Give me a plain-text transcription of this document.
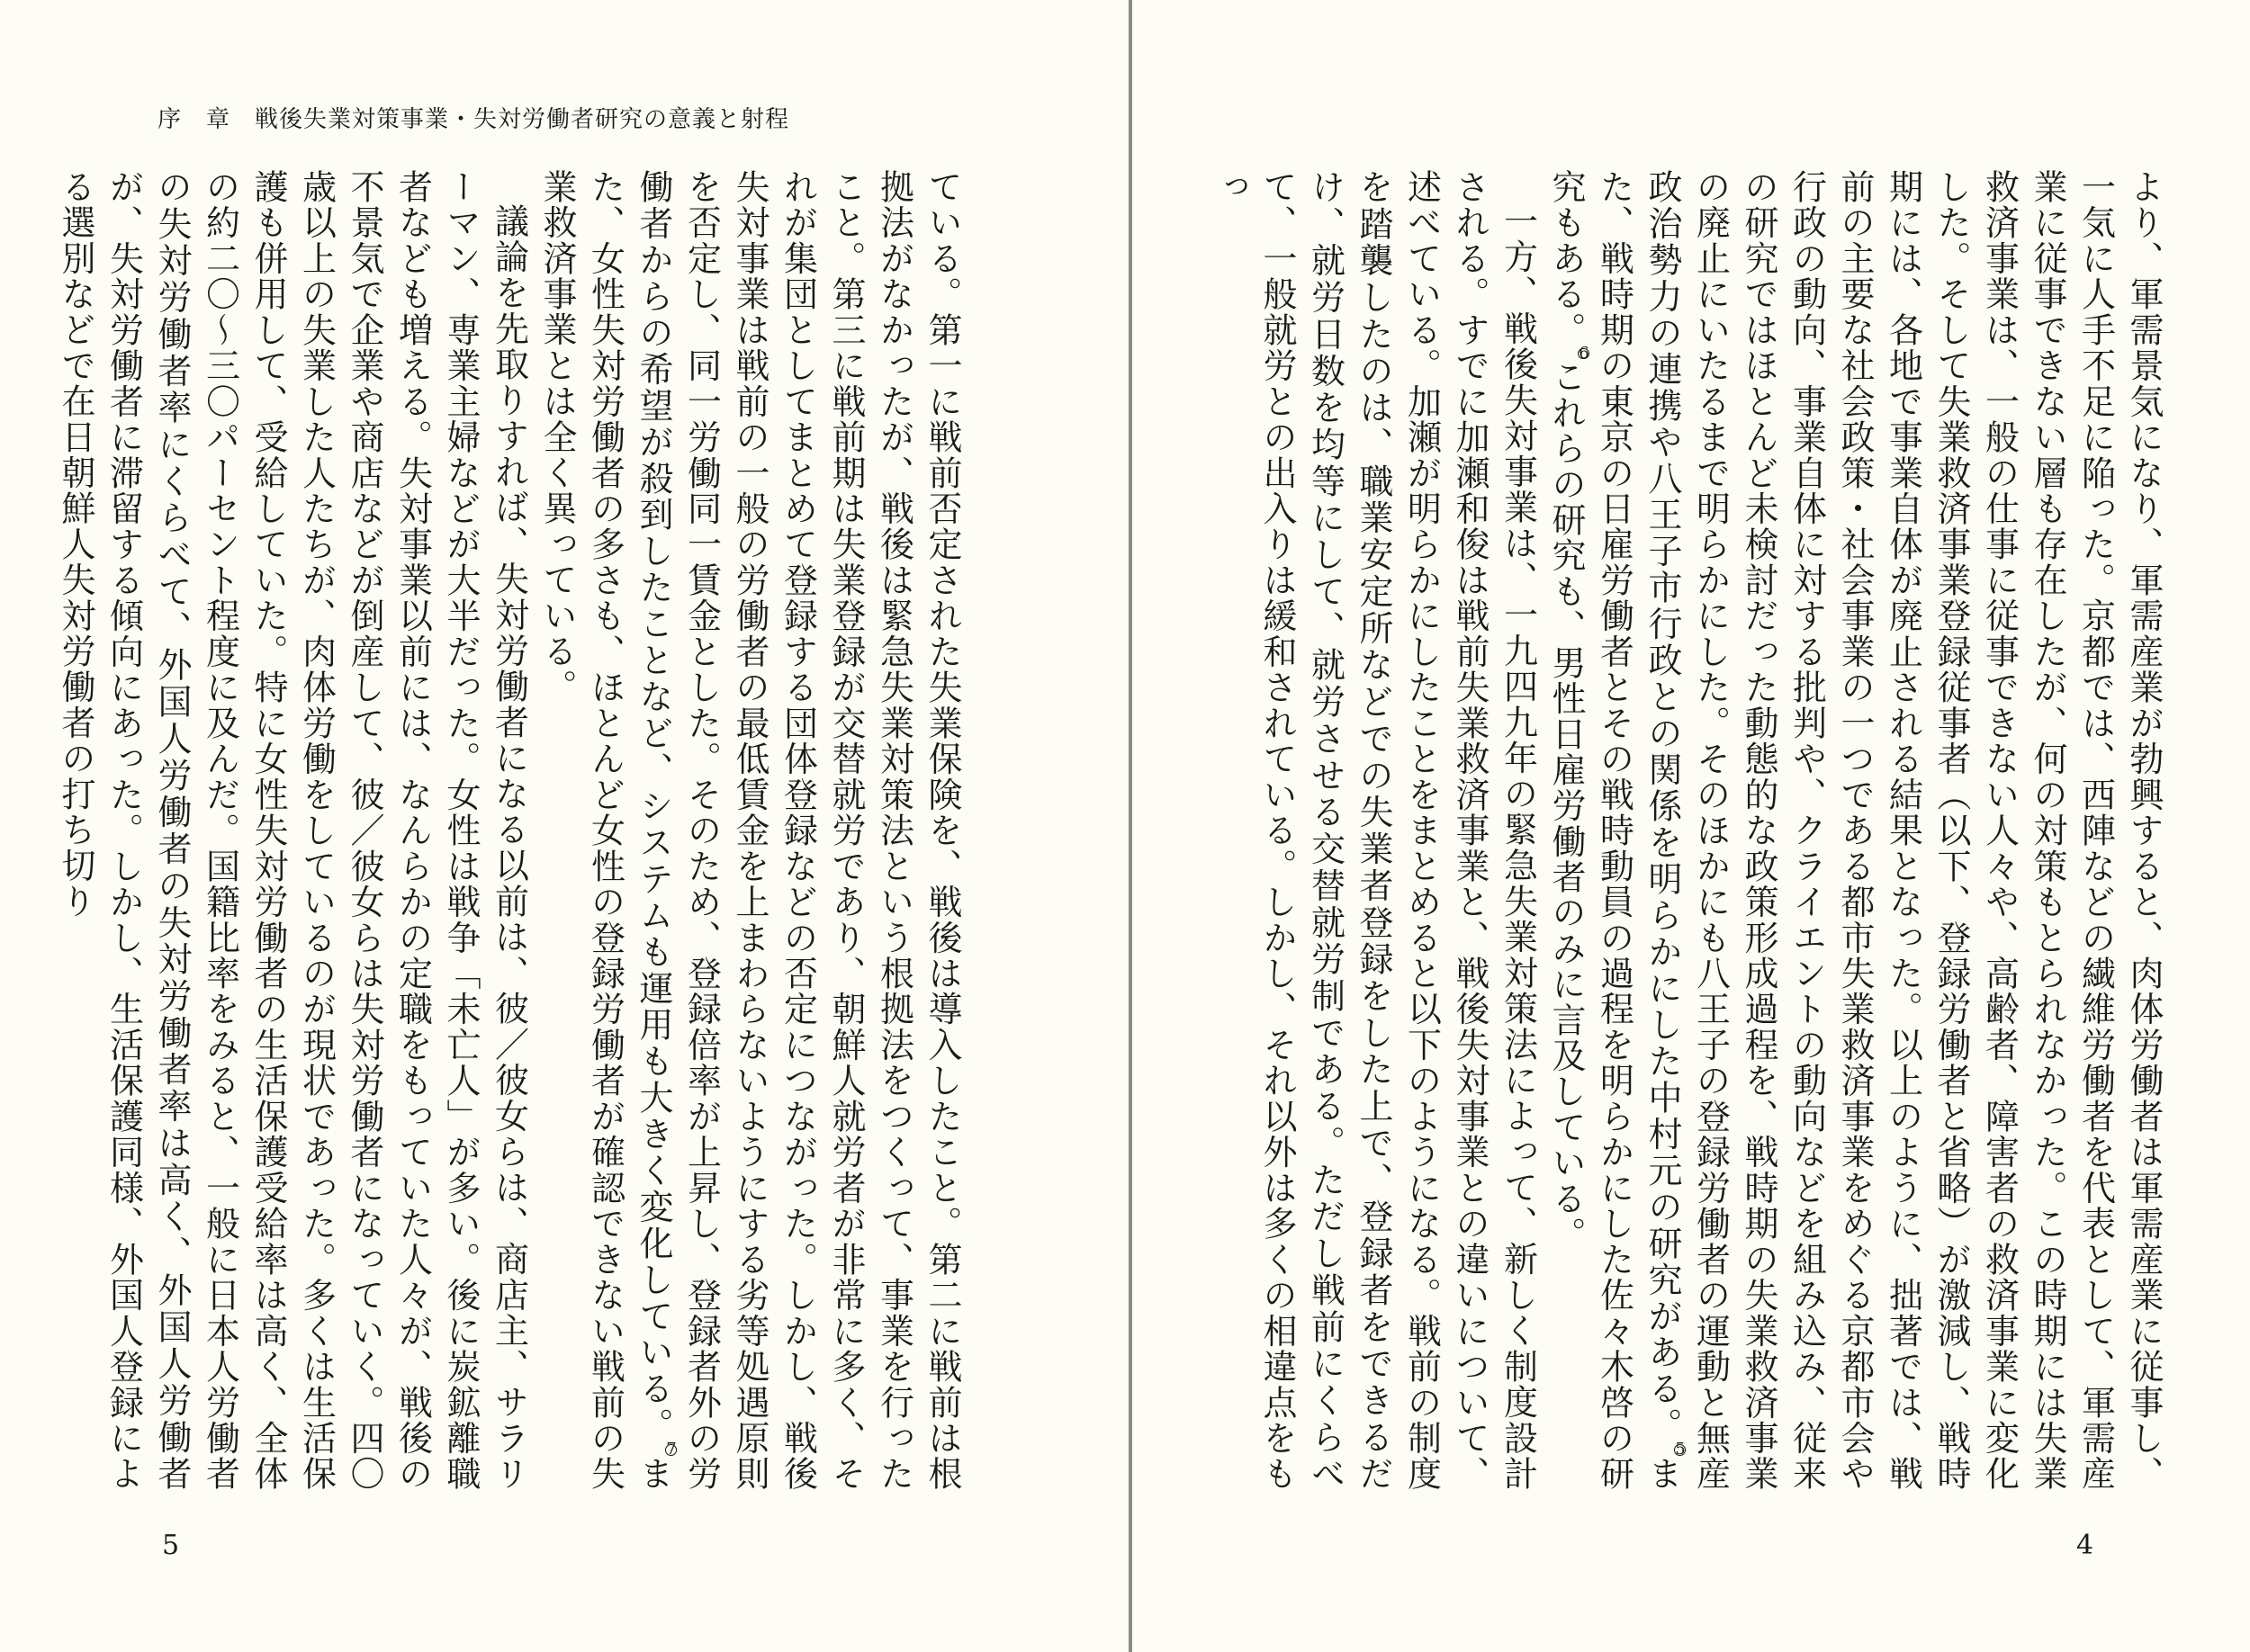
序　章　戦後失業対策事業・失対労働者研究の意義と射程

ている。第一に戦前否定された失業保険を、戦後は導入したこと。第二に戦前は根拠法がなかったが、戦後は緊急失業対策法という根拠法をつくって、事業を行ったこと。第三に戦前期は失業登録が交替就労であり、朝鮮人就労者が非常に多く、それが集団としてまとめて登録する団体登録などの否定につながった。しかし、戦後失対事業は戦前の一般の労働者の最低賃金を上まわらないようにする劣等処遇原則を否定し、同一労働同一賃金とした。そのため、登録倍率が上昇し、登録者外の労働者からの希望が殺到したことなど、システムも運用も大きく変化している。7また、女性失対労働者の多さも、ほとんど女性の登録労働者が確認できない戦前の失業救済事業とは全く異っている。

議論を先取りすれば、失対労働者になる以前は、彼／彼女らは、商店主、サラリーマン、専業主婦などが大半だった。女性は戦争「未亡人」が多い。後に炭鉱離職者なども増える。失対事業以前には、なんらかの定職をもっていた人々が、戦後の不景気で企業や商店などが倒産して、彼／彼女らは失対労働者になっていく。四〇歳以上の失業した人たちが、肉体労働をしているのが現状であった。多くは生活保護も併用して、受給していた。特に女性失対労働者の生活保護受給率は高く、全体の約二〇〜三〇パーセント程度に及んだ。国籍比率をみると、一般に日本人労働者の失対労働者率にくらべて、外国人労働者の失対労働者率は高く、外国人労働者が、失対労働者に滞留する傾向にあった。しかし、生活保護同様、外国人登録による選別などで在日朝鮮人失対労働者の打ち切り

5

より、軍需景気になり、軍需産業が勃興すると、肉体労働者は軍需産業に従事し、一気に人手不足に陥った。京都では、西陣などの繊維労働者を代表として、軍需産業に従事できない層も存在したが、何の対策もとられなかった。この時期には失業救済事業は、一般の仕事に従事できない人々や、高齢者、障害者の救済事業に変化した。そして失業救済事業登録従事者（以下、登録労働者と省略）が激減し、戦時期には、各地で事業自体が廃止される結果となった。以上のように、拙著では、戦前の主要な社会政策・社会事業の一つである都市失業救済事業をめぐる京都市会や行政の動向、事業自体に対する批判や、クライエントの動向などを組み込み、従来の研究ではほとんど未検討だった動態的な政策形成過程を、戦時期の失業救済事業の廃止にいたるまで明らかにした。そのほかにも八王子の登録労働者の運動と無産政治勢力の連携や八王子市行政との関係を明らかにした中村元の研究がある。5また、戦時期の東京の日雇労働者とその戦時動員の過程を明らかにした佐々木啓の研究もある。6これらの研究も、男性日雇労働者のみに言及している。

一方、戦後失対事業は、一九四九年の緊急失業対策法によって、新しく制度設計される。すでに加瀬和俊は戦前失業救済事業と、戦後失対事業との違いについて、述べている。加瀬が明らかにしたことをまとめると以下のようになる。戦前の制度を踏襲したのは、職業安定所などでの失業者登録をした上で、登録者をできるだけ、就労日数を均等にして、就労させる交替就労制である。ただし戦前にくらべて、一般就労との出入りは緩和されている。しかし、それ以外は多くの相違点をもっ

4
